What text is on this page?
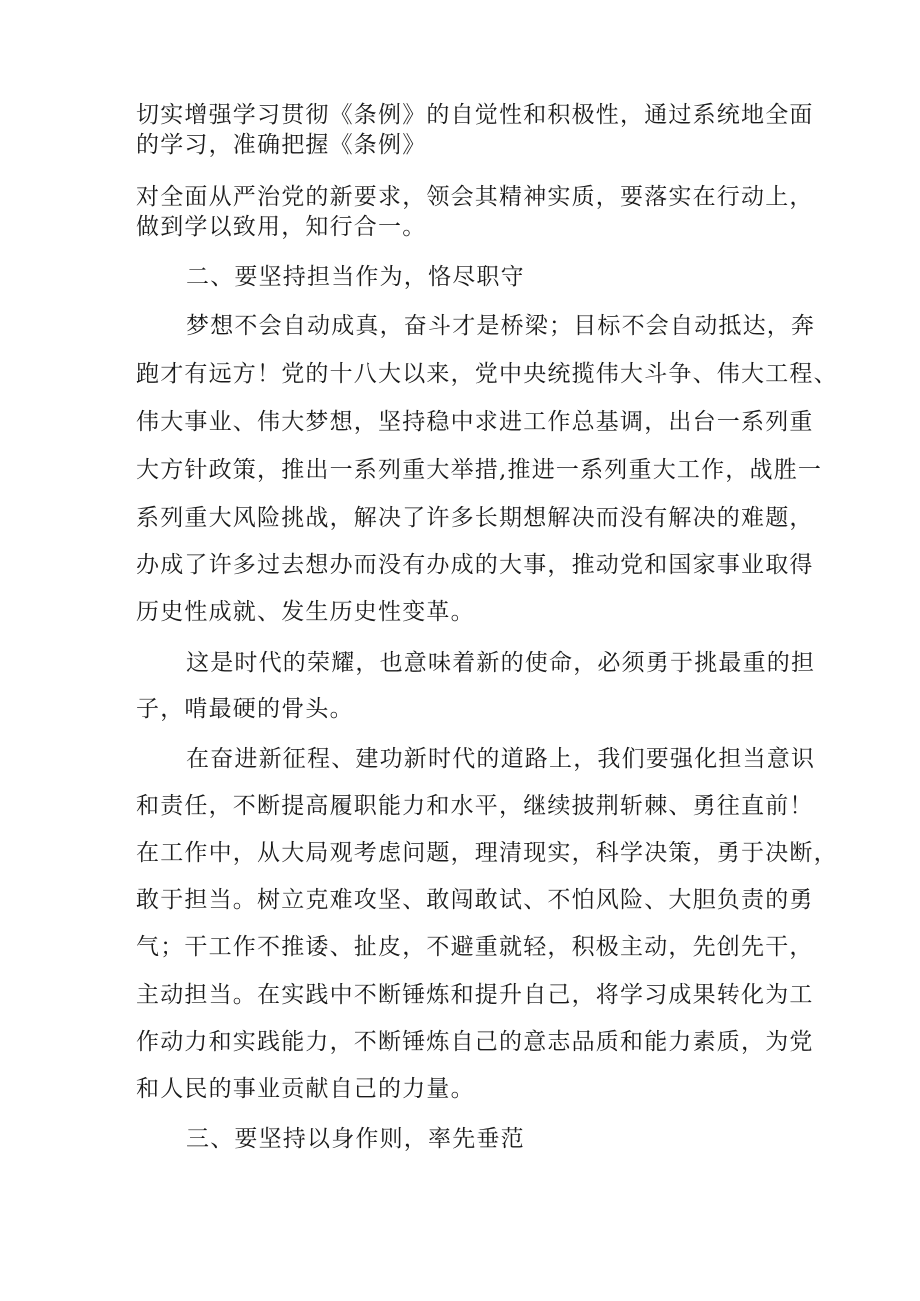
切实增强学习贯彻《条例》的自觉性和积极性，通过系统地全面

的学习，准确把握《条例》

对全面从严治党的新要求，领会其精神实质，要落实在行动上，

做到学以致用，知行合一。

二、要坚持担当作为，恪尽职守

梦想不会自动成真，奋斗才是桥梁；目标不会自动抵达，奔

跑才有远方！党的十八大以来，党中央统揽伟大斗争、伟大工程、

伟大事业、伟大梦想，坚持稳中求进工作总基调，出台一系列重

大方针政策，推出一系列重大举措,推进一系列重大工作，战胜一

系列重大风险挑战，解决了许多长期想解决而没有解决的难题，

办成了许多过去想办而没有办成的大事，推动党和国家事业取得

历史性成就、发生历史性变革。

这是时代的荣耀，也意味着新的使命，必须勇于挑最重的担

子，啃最硬的骨头。

在奋进新征程、建功新时代的道路上，我们要强化担当意识

和责任，不断提高履职能力和水平，继续披荆斩棘、勇往直前！

在工作中，从大局观考虑问题，理清现实，科学决策，勇于决断，

敢于担当。树立克难攻坚、敢闯敢试、不怕风险、大胆负责的勇

气；干工作不推诿、扯皮，不避重就轻，积极主动，先创先干，

主动担当。在实践中不断锤炼和提升自己，将学习成果转化为工

作动力和实践能力，不断锤炼自己的意志品质和能力素质，为党

和人民的事业贡献自己的力量。

三、要坚持以身作则，率先垂范
